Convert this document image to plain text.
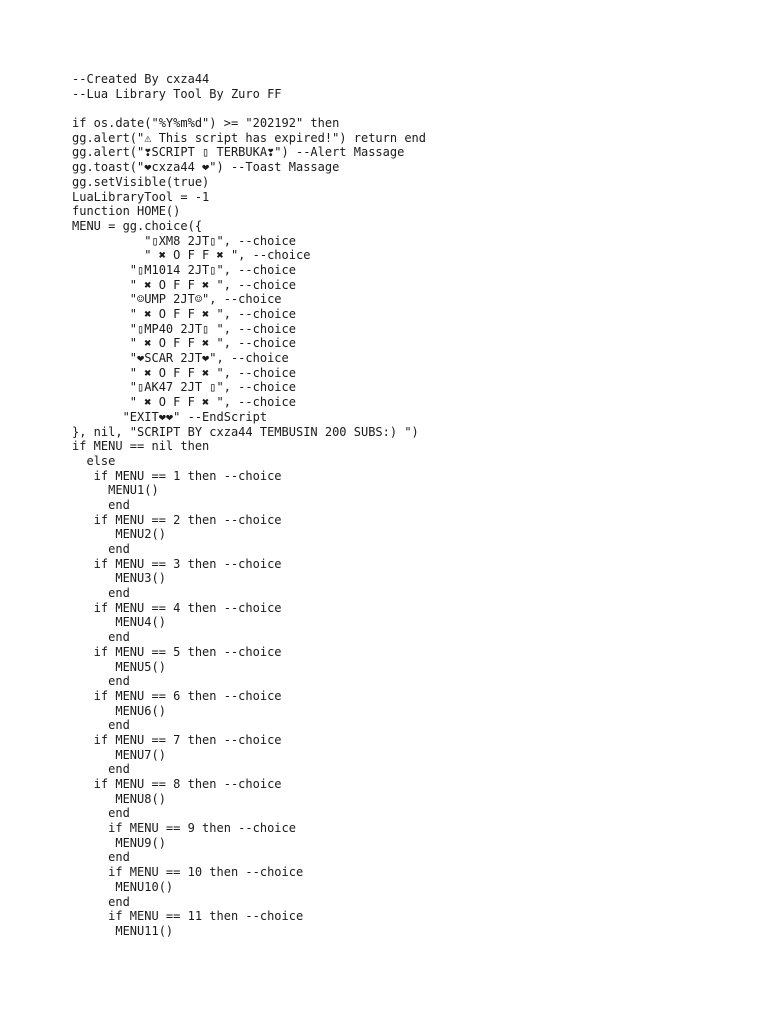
--Created By cxza44
--Lua Library Tool By Zuro FF
if os.date("%Y%m%d") >= "202192" then
gg.alert("⚠ This script has expired!") return end
gg.alert("❣SCRIPT ▯ TERBUKA❣") --Alert Massage
gg.toast("❤cxza44 ❤") --Toast Massage
gg.setVisible(true)
LuaLibraryTool = -1
function HOME()
MENU = gg.choice({
"▯XM8 2JT▯", --choice
" ✖ O F F ✖ ", --choice
"▯M1014 2JT▯", --choice
" ✖ O F F ✖ ", --choice
"☺UMP 2JT☺", --choice
" ✖ O F F ✖ ", --choice
"▯MP40 2JT▯ ", --choice
" ✖ O F F ✖ ", --choice
"❤SCAR 2JT❤", --choice
" ✖ O F F ✖ ", --choice
"▯AK47 2JT ▯", --choice
" ✖ O F F ✖ ", --choice
"EXIT❤❤" --EndScript
}, nil, "SCRIPT BY cxza44 TEMBUSIN 200 SUBS:) ")
if MENU == nil then
else
if MENU == 1 then --choice
MENU1()
end
if MENU == 2 then --choice
MENU2()
end
if MENU == 3 then --choice
MENU3()
end
if MENU == 4 then --choice
MENU4()
end
if MENU == 5 then --choice
MENU5()
end
if MENU == 6 then --choice
MENU6()
end
if MENU == 7 then --choice
MENU7()
end
if MENU == 8 then --choice
MENU8()
end
if MENU == 9 then --choice
MENU9()
end
if MENU == 10 then --choice
MENU10()
end
if MENU == 11 then --choice
MENU11()
